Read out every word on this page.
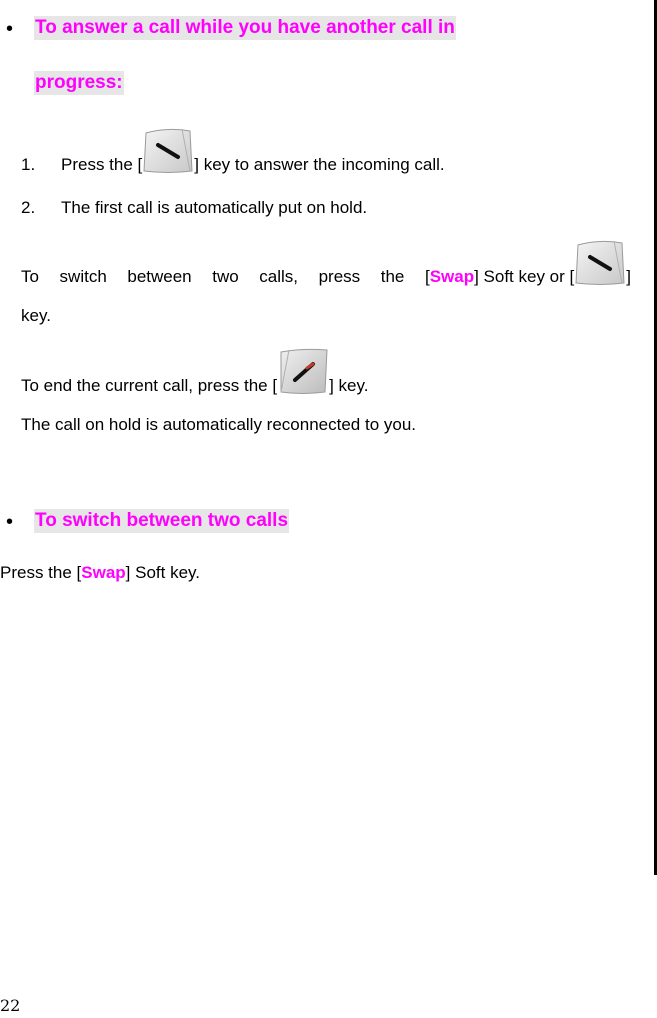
• To answer a call while you have another call in
progress:
1. Press the [	] key to answer the incoming call.
2. The first call is automatically put on hold.
To switch between two calls, press the [Swap] Soft key or [	]
key.
To end the current call, press the [	] key.
The call on hold is automatically reconnected to you.
• To switch between two calls
Press the [Swap] Soft key.
22
